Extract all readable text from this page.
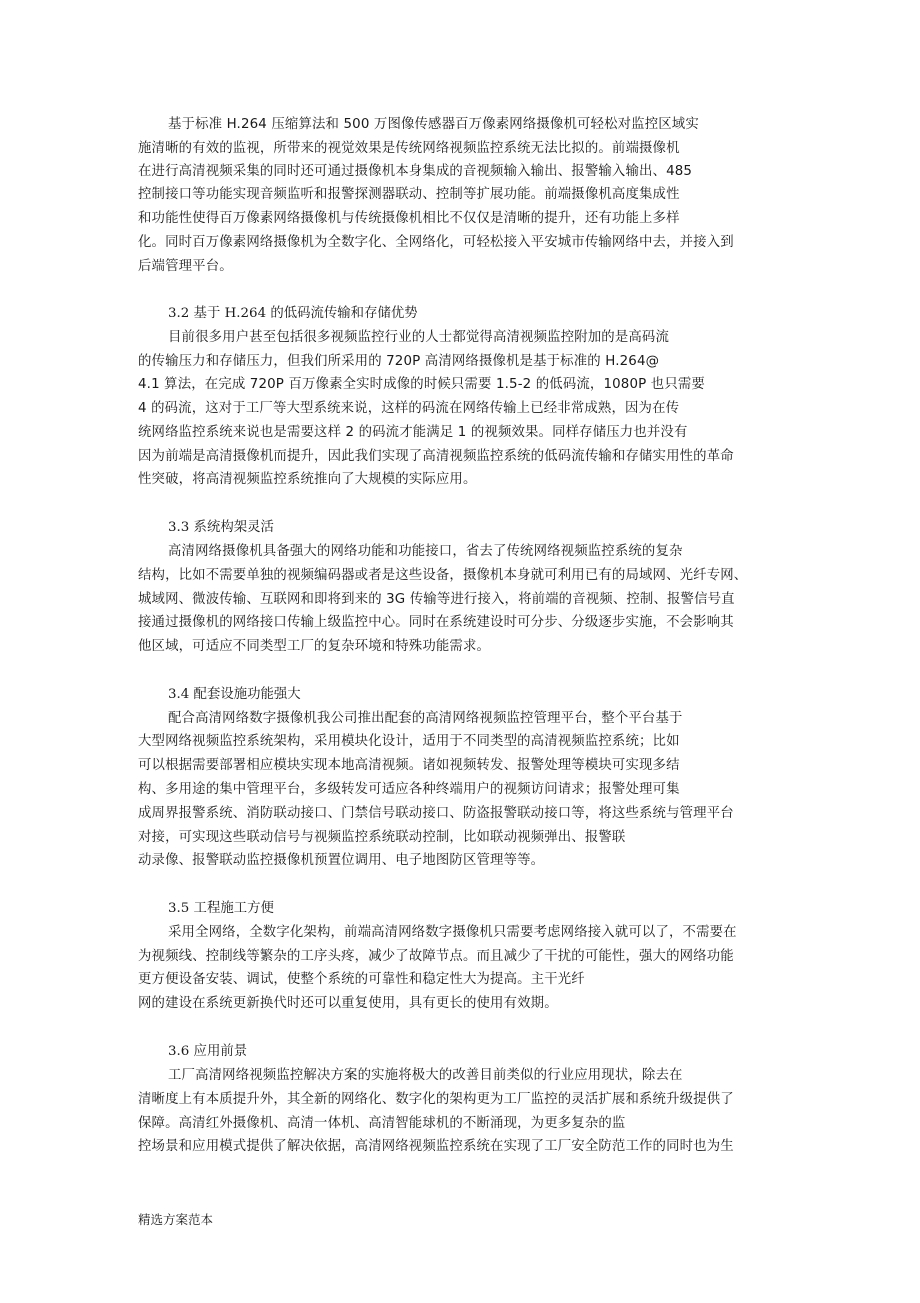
基于标准 H.264 压缩算法和 500 万图像传感器百万像素网络摄像机可轻松对监控区域实
施清晰的有效的监视，所带来的视觉效果是传统网络视频监控系统无法比拟的。前端摄像机
在进行高清视频采集的同时还可通过摄像机本身集成的音视频输入输出、报警输入输出、485
控制接口等功能实现音频监听和报警探测器联动、控制等扩展功能。前端摄像机高度集成性
和功能性使得百万像素网络摄像机与传统摄像机相比不仅仅是清晰的提升，还有功能上多样
化。同时百万像素网络摄像机为全数字化、全网络化，可轻松接入平安城市传输网络中去，并接入到
后端管理平台。
3.2 基于 H.264 的低码流传输和存储优势
目前很多用户甚至包括很多视频监控行业的人士都觉得高清视频监控附加的是高码流
的传输压力和存储压力，但我们所采用的 720P 高清网络摄像机是基于标准的 H.264@
4.1 算法，在完成 720P 百万像素全实时成像的时候只需要 1.5-2 的低码流，1080P 也只需要
4 的码流，这对于工厂等大型系统来说，这样的码流在网络传输上已经非常成熟，因为在传
统网络监控系统来说也是需要这样 2 的码流才能满足 1 的视频效果。同样存储压力也并没有
因为前端是高清摄像机而提升，因此我们实现了高清视频监控系统的低码流传输和存储实用性的革命
性突破，将高清视频监控系统推向了大规模的实际应用。
3.3 系统构架灵活
高清网络摄像机具备强大的网络功能和功能接口，省去了传统网络视频监控系统的复杂
结构，比如不需要单独的视频编码器或者是这些设备，摄像机本身就可利用已有的局域网、光纤专网、
城域网、微波传输、互联网和即将到来的 3G 传输等进行接入，将前端的音视频、控制、报警信号直
接通过摄像机的网络接口传输上级监控中心。同时在系统建设时可分步、分级逐步实施，不会影响其
他区域，可适应不同类型工厂的复杂环境和特殊功能需求。
3.4 配套设施功能强大
配合高清网络数字摄像机我公司推出配套的高清网络视频监控管理平台，整个平台基于
大型网络视频监控系统架构，采用模块化设计，适用于不同类型的高清视频监控系统；比如
可以根据需要部署相应模块实现本地高清视频。诸如视频转发、报警处理等模块可实现多结
构、多用途的集中管理平台，多级转发可适应各种终端用户的视频访问请求；报警处理可集
成周界报警系统、消防联动接口、门禁信号联动接口、防盗报警联动接口等，将这些系统与管理平台
对接，可实现这些联动信号与视频监控系统联动控制，比如联动视频弹出、报警联
动录像、报警联动监控摄像机预置位调用、电子地图防区管理等等。
3.5 工程施工方便
采用全网络，全数字化架构，前端高清网络数字摄像机只需要考虑网络接入就可以了，不需要在
为视频线、控制线等繁杂的工序头疼，减少了故障节点。而且减少了干扰的可能性，强大的网络功能
更方便设备安装、调试，使整个系统的可靠性和稳定性大为提高。主干光纤
网的建设在系统更新换代时还可以重复使用，具有更长的使用有效期。
3.6 应用前景
工厂高清网络视频监控解决方案的实施将极大的改善目前类似的行业应用现状，除去在
清晰度上有本质提升外，其全新的网络化、数字化的架构更为工厂监控的灵活扩展和系统升级提供了
保障。高清红外摄像机、高清一体机、高清智能球机的不断涌现，为更多复杂的监
控场景和应用模式提供了解决依据，高清网络视频监控系统在实现了工厂安全防范工作的同时也为生
精选方案范本
